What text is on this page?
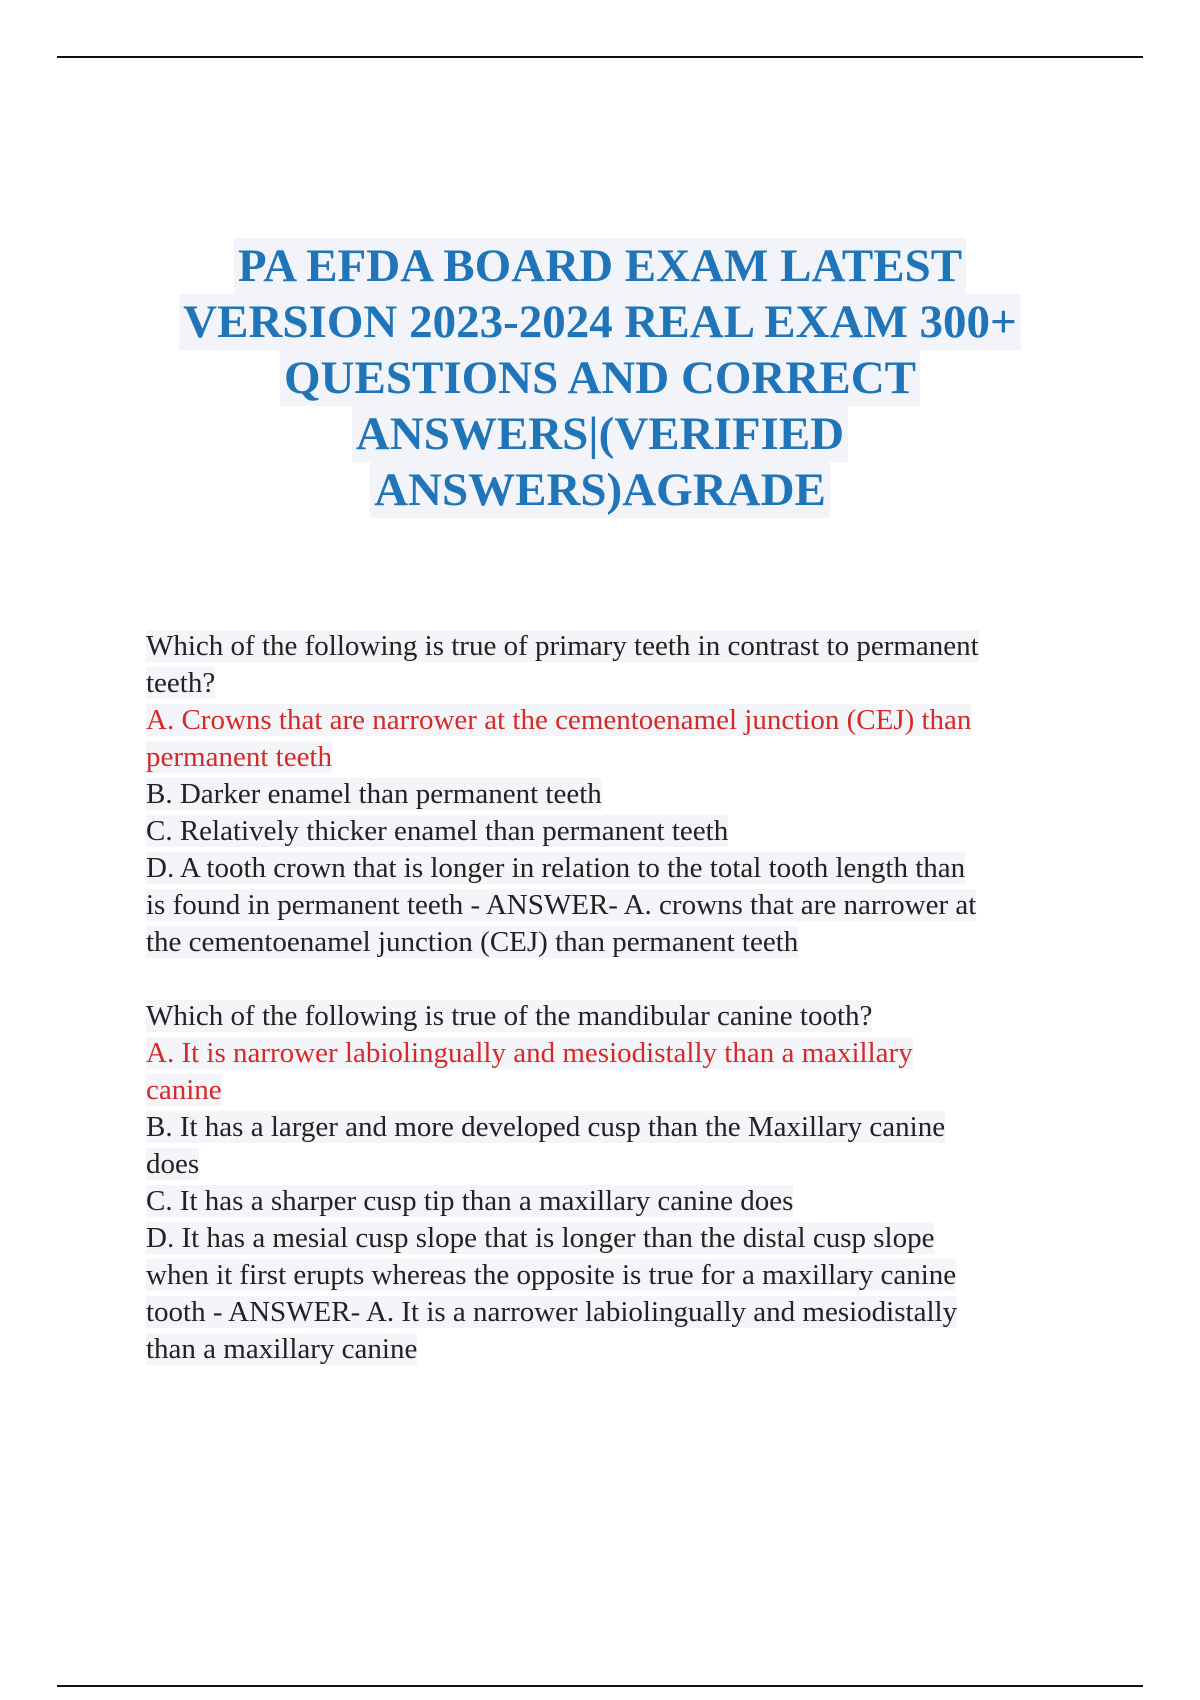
PA EFDA BOARD EXAM LATEST
VERSION 2023-2024 REAL EXAM 300+
QUESTIONS AND CORRECT
ANSWERS|(VERIFIED
ANSWERS)AGRADE
Which of the following is true of primary teeth in contrast to permanent
teeth?
A. Crowns that are narrower at the cementoenamel junction (CEJ) than
permanent teeth
B. Darker enamel than permanent teeth
C. Relatively thicker enamel than permanent teeth
D. A tooth crown that is longer in relation to the total tooth length than
is found in permanent teeth - ANSWER- A. crowns that are narrower at
the cementoenamel junction (CEJ) than permanent teeth
Which of the following is true of the mandibular canine tooth?
A. It is narrower labiolingually and mesiodistally than a maxillary
canine
B. It has a larger and more developed cusp than the Maxillary canine
does
C. It has a sharper cusp tip than a maxillary canine does
D. It has a mesial cusp slope that is longer than the distal cusp slope
when it first erupts whereas the opposite is true for a maxillary canine
tooth - ANSWER- A. It is a narrower labiolingually and mesiodistally
than a maxillary canine
